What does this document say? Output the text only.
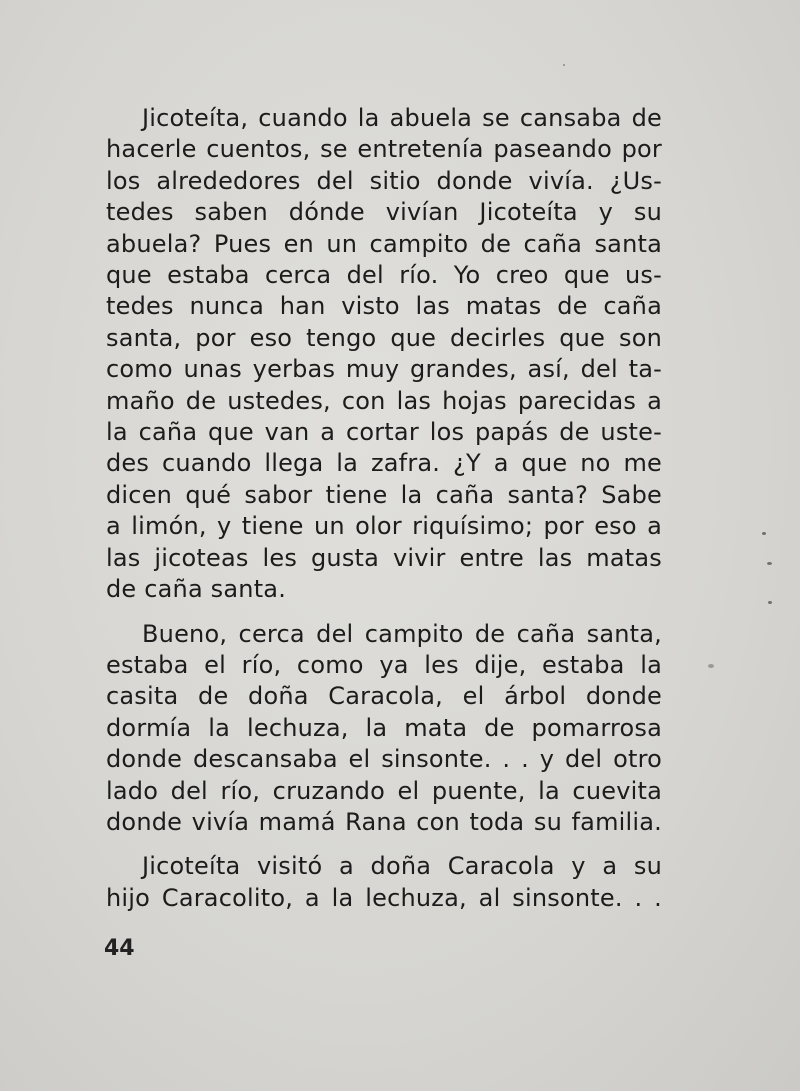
Jicoteíta, cuando la abuela se cansaba de
hacerle cuentos, se entretenía paseando por
los alrededores del sitio donde vivía. ¿Us-
tedes saben dónde vivían Jicoteíta y su
abuela? Pues en un campito de caña santa
que estaba cerca del río. Yo creo que us-
tedes nunca han visto las matas de caña
santa, por eso tengo que decirles que son
como unas yerbas muy grandes, así, del ta-
maño de ustedes, con las hojas parecidas a
la caña que van a cortar los papás de uste-
des cuando llega la zafra. ¿Y a que no me
dicen qué sabor tiene la caña santa? Sabe
a limón, y tiene un olor riquísimo; por eso a
las jicoteas les gusta vivir entre las matas
de caña santa.

Bueno, cerca del campito de caña santa,
estaba el río, como ya les dije, estaba la
casita de doña Caracola, el árbol donde
dormía la lechuza, la mata de pomarrosa
donde descansaba el sinsonte. . . y del otro
lado del río, cruzando el puente, la cuevita
donde vivía mamá Rana con toda su familia.

Jicoteíta visitó a doña Caracola y a su
hijo Caracolito, a la lechuza, al sinsonte. . .

44
